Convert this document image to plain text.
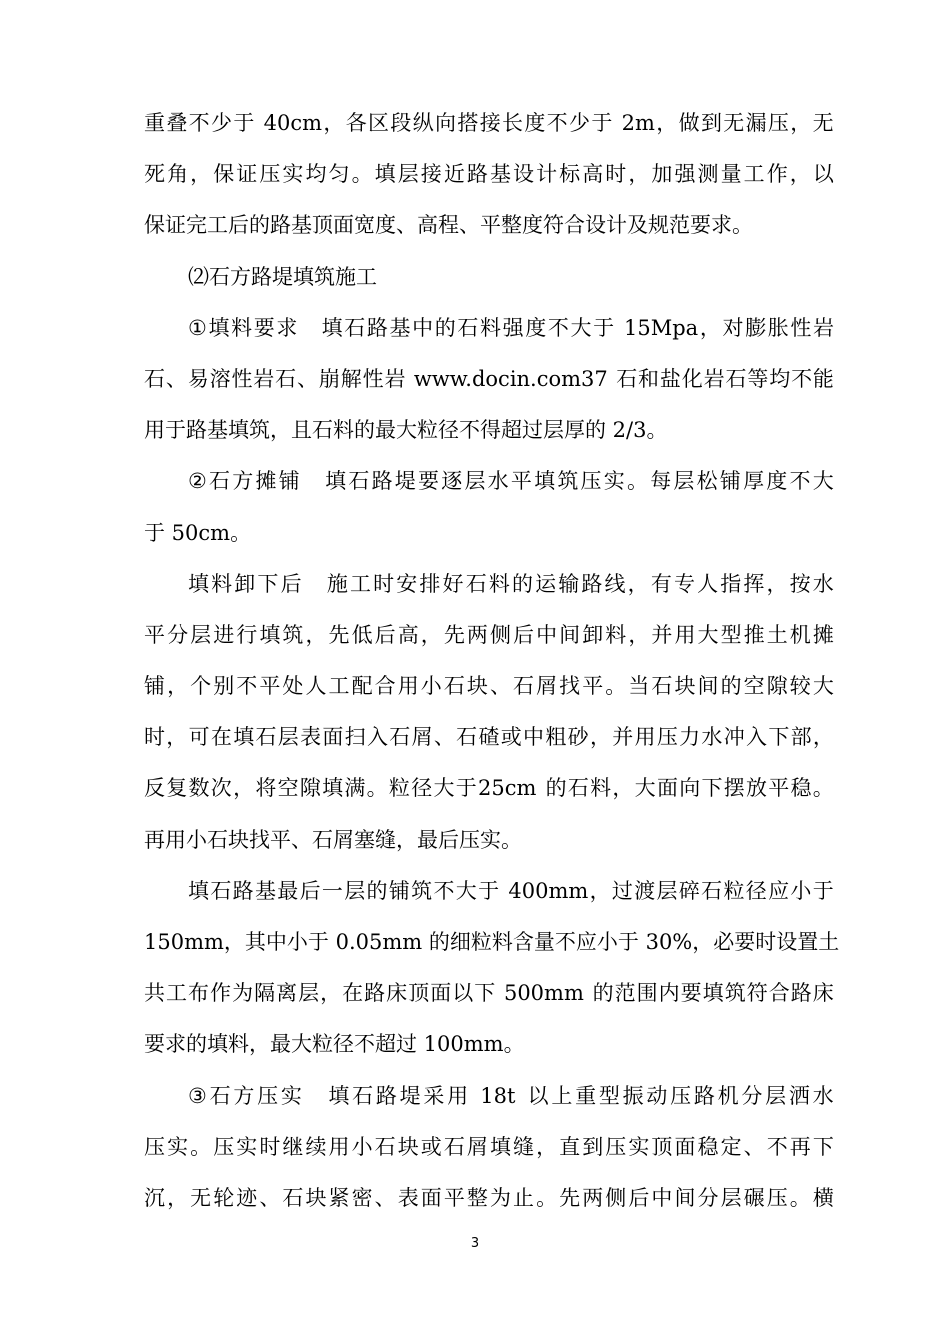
重 叠 不 少 于
40cm ， 各 区 段 纵 向 搭 接 长 度 不 少 于
2m ， 做 到 无 漏 压 ， 无
死 角 ， 保 证 压 实 均 匀 。 填 层 接 近 路 基 设 计 标 高 时 ， 加 强 测 量 工 作 ， 以
保证完工后的路基顶面宽度、高程、平整度符合设计及规范要求。
⑵石方路堤填筑施工
① 填 料 要 求
　 填 石 路 基 中 的 石 料 强 度 不 大 于
15Mpa ， 对 膨 胀 性 岩
石 、 易 溶 性 岩 石 、 崩 解 性 岩
www.docin.com37
石 和 盐 化 岩 石 等 均 不 能
用于路基填筑，且石料的最大粒径不得超过层厚的 2/3。
② 石 方 摊 铺
　 填 石 路 堤 要 逐 层 水 平 填 筑 压 实 。 每 层 松 铺 厚 度 不 大
于 50cm。
填 料 卸 下 后
　 施 工 时 安 排 好 石 料 的 运 输 路 线 ， 有 专 人 指 挥 ， 按 水
平 分 层 进 行 填 筑 ， 先 低 后 高 ， 先 两 侧 后 中 间 卸 料 ， 并 用 大 型 推 土 机 摊
铺 ， 个 别 不 平 处 人 工 配 合 用 小 石 块 、 石 屑 找 平 。 当 石 块 间 的 空 隙 较 大
时 ， 可 在 填 石 层 表 面 扫 入 石 屑 、 石 碴 或 中 粗 砂 ， 并 用 压 力 水 冲 入 下 部 ，
反 复 数 次 ， 将 空 隙 填 满 。 粒 径 大 于 25cm
的 石 料 ， 大 面 向 下 摆 放 平 稳 。
再用小石块找平、石屑塞缝，最后压实。
填 石 路 基 最 后 一 层 的 铺 筑 不 大 于
400mm ， 过 渡 层 碎 石 粒 径 应 小 于
150mm ， 其 中 小 于
0.05mm
的 细 粒 料 含 量 不 应 小 于
30% ， 必 要 时 设 置 土
共 工 布 作 为 隔 离 层 ， 在 路 床 顶 面 以 下
500mm
的 范 围 内 要 填 筑 符 合 路 床
要求的填料，最大粒径不超过 100mm。
③ 石 方 压 实
　 填 石 路 堤 采 用
18t
以 上 重 型 振 动 压 路 机 分 层 洒 水
压 实 。 压 实 时 继 续 用 小 石 块 或 石 屑 填 缝 ， 直 到 压 实 顶 面 稳 定 、 不 再 下
沉 ， 无 轮 迹 、 石 块 紧 密 、 表 面 平 整 为 止 。 先 两 侧 后 中 间 分 层 碾 压 。 横
3
